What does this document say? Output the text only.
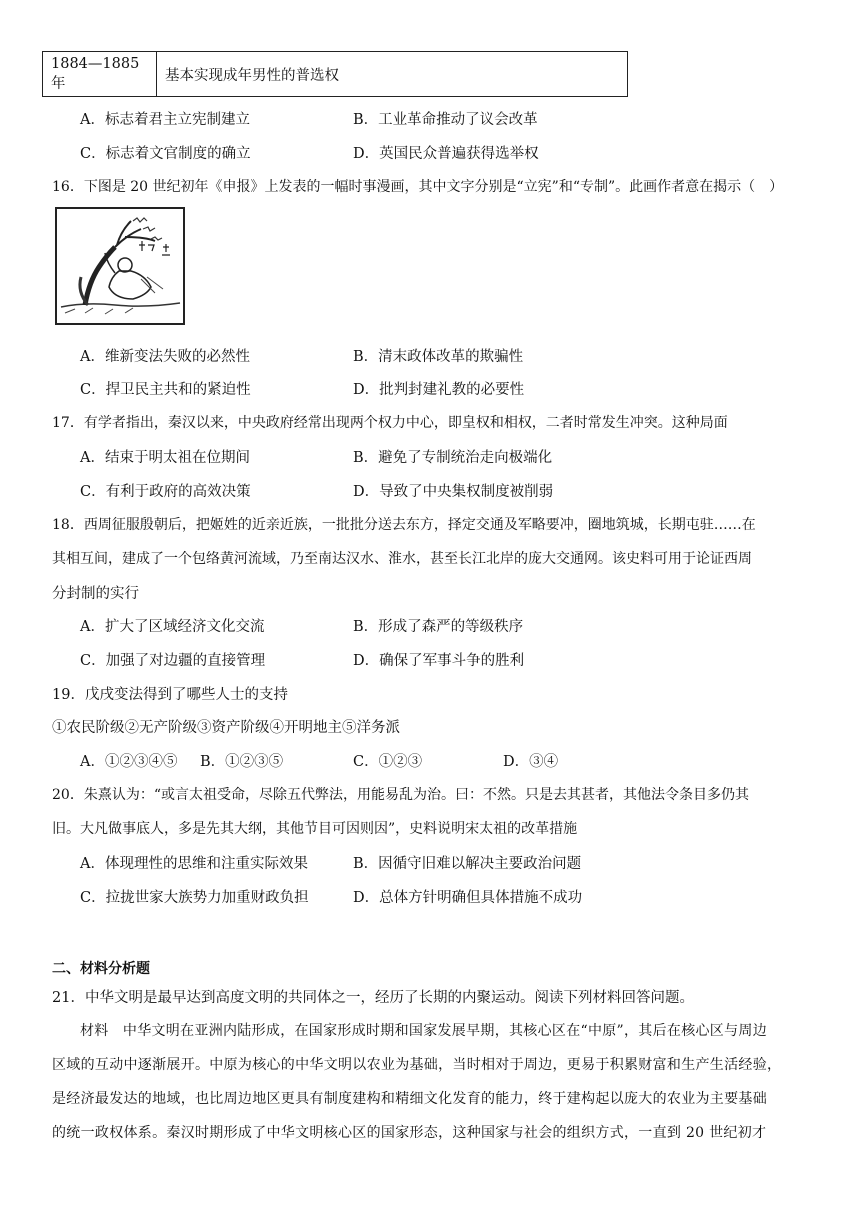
1884—1885 年	基本实现成年男性的普选权
A．标志着君主立宪制建立	B．工业革命推动了议会改革
C．标志着文官制度的确立	D．英国民众普遍获得选举权
16．下图是 20 世纪初年《申报》上发表的一幅时事漫画，其中文字分别是“立宪”和“专制”。此画作者意在揭示（　）
A．维新变法失败的必然性	B．清末政体改革的欺骗性
C．捍卫民主共和的紧迫性	D．批判封建礼教的必要性
17．有学者指出，秦汉以来，中央政府经常出现两个权力中心，即皇权和相权，二者时常发生冲突。这种局面
A．结束于明太祖在位期间	B．避免了专制统治走向极端化
C．有利于政府的高效决策	D．导致了中央集权制度被削弱
18．西周征服殷朝后，把姬姓的近亲近族，一批批分送去东方，择定交通及军略要冲，圈地筑城，长期屯驻……在
其相互间，建成了一个包络黄河流域，乃至南达汉水、淮水，甚至长江北岸的庞大交通网。该史料可用于论证西周
分封制的实行
A．扩大了区域经济文化交流	B．形成了森严的等级秩序
C．加强了对边疆的直接管理	D．确保了军事斗争的胜利
19．戊戌变法得到了哪些人士的支持
①农民阶级②无产阶级③资产阶级④开明地主⑤洋务派
A．①②③④⑤ B．①②③⑤	C．①②③	D．③④
20．朱熹认为：“或言太祖受命，尽除五代弊法，用能易乱为治。曰：不然。只是去其甚者，其他法令条目多仍其
旧。大凡做事底人，多是先其大纲，其他节目可因则因”，史料说明宋太祖的改革措施
A．体现理性的思维和注重实际效果	B．因循守旧难以解决主要政治问题
C．拉拢世家大族势力加重财政负担	D．总体方针明确但具体措施不成功
二、材料分析题
21．中华文明是最早达到高度文明的共同体之一，经历了长期的内聚运动。阅读下列材料回答问题。
材料　中华文明在亚洲内陆形成，在国家形成时期和国家发展早期，其核心区在“中原”，其后在核心区与周边
区域的互动中逐渐展开。中原为核心的中华文明以农业为基础，当时相对于周边，更易于积累财富和生产生活经验，
是经济最发达的地域，也比周边地区更具有制度建构和精细文化发育的能力，终于建构起以庞大的农业为主要基础
的统一政权体系。秦汉时期形成了中华文明核心区的国家形态，这种国家与社会的组织方式，一直到 20 世纪初才
